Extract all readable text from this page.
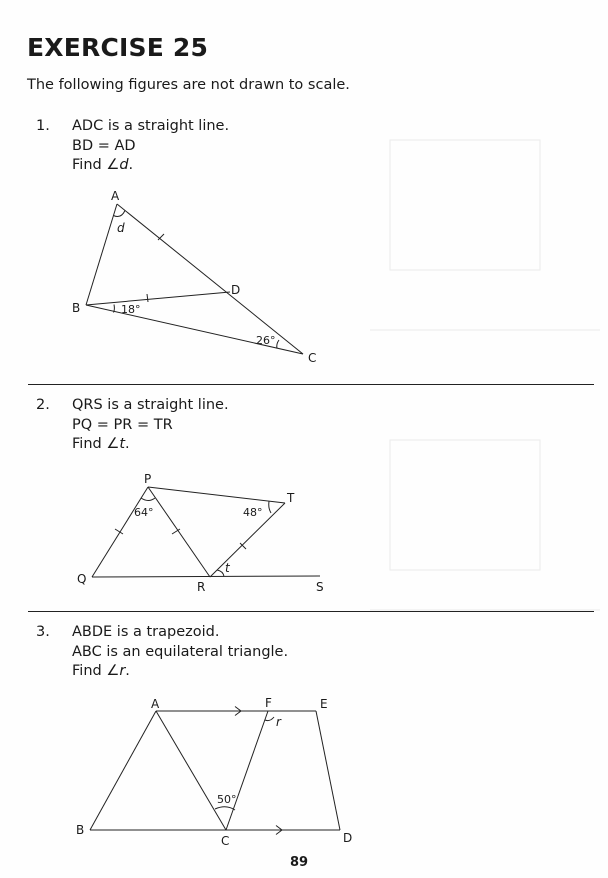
EXERCISE 25
The following figures are not drawn to scale.
1. ADC is a straight line.
BD = AD
Find ∠d.
A
B
C
D
d
18°
26°
2. QRS is a straight line.
PQ = PR = TR
Find ∠t.
P
Q
R	S
T
64°	48°
t
3. ABDE is a trapezoid.
ABC is an equilateral triangle.
Find ∠r.
A
B
C	D
E
F
50°
r
89
